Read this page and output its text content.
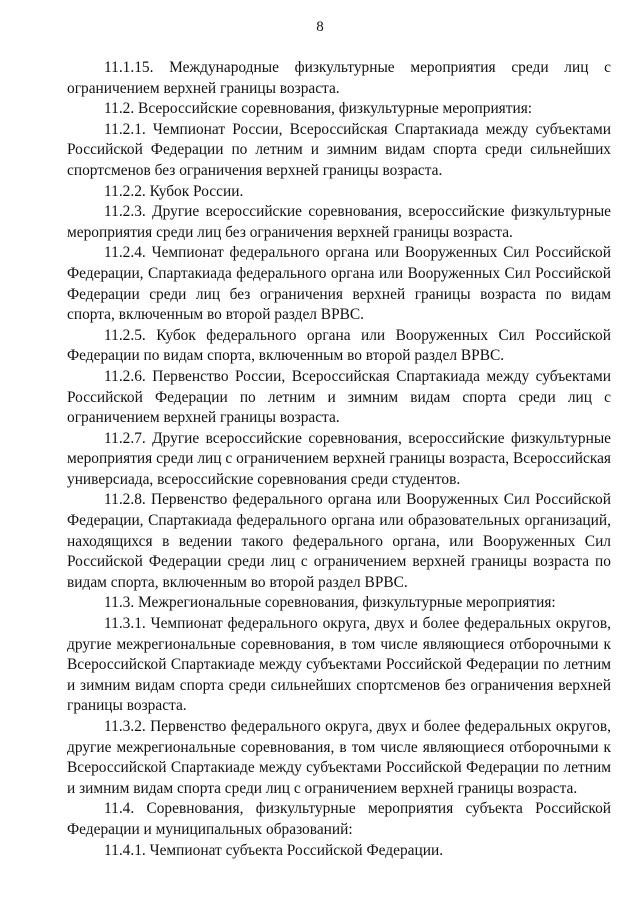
8

11.1.15. Международные физкультурные мероприятия среди лиц с ограничением верхней границы возраста.

11.2. Всероссийские соревнования, физкультурные мероприятия:

11.2.1. Чемпионат России, Всероссийская Спартакиада между субъектами Российской Федерации по летним и зимним видам спорта среди сильнейших спортсменов без ограничения верхней границы возраста.

11.2.2. Кубок России.

11.2.3. Другие всероссийские соревнования, всероссийские физкультурные мероприятия среди лиц без ограничения верхней границы возраста.

11.2.4. Чемпионат федерального органа или Вооруженных Сил Российской Федерации, Спартакиада федерального органа или Вооруженных Сил Российской Федерации среди лиц без ограничения верхней границы возраста по видам спорта, включенным во второй раздел ВРВС.

11.2.5. Кубок федерального органа или Вооруженных Сил Российской Федерации по видам спорта, включенным во второй раздел ВРВС.

11.2.6. Первенство России, Всероссийская Спартакиада между субъектами Российской Федерации по летним и зимним видам спорта среди лиц с ограничением верхней границы возраста.

11.2.7. Другие всероссийские соревнования, всероссийские физкультурные мероприятия среди лиц с ограничением верхней границы возраста, Всероссийская универсиада, всероссийские соревнования среди студентов.

11.2.8. Первенство федерального органа или Вооруженных Сил Российской Федерации, Спартакиада федерального органа или образовательных организаций, находящихся в ведении такого федерального органа, или Вооруженных Сил Российской Федерации среди лиц с ограничением верхней границы возраста по видам спорта, включенным во второй раздел ВРВС.

11.3. Межрегиональные соревнования, физкультурные мероприятия:

11.3.1. Чемпионат федерального округа, двух и более федеральных округов, другие межрегиональные соревнования, в том числе являющиеся отборочными к Всероссийской Спартакиаде между субъектами Российской Федерации по летним и зимним видам спорта среди сильнейших спортсменов без ограничения верхней границы возраста.

11.3.2. Первенство федерального округа, двух и более федеральных округов, другие межрегиональные соревнования, в том числе являющиеся отборочными к Всероссийской Спартакиаде между субъектами Российской Федерации по летним и зимним видам спорта среди лиц с ограничением верхней границы возраста.

11.4. Соревнования, физкультурные мероприятия субъекта Российской Федерации и муниципальных образований:

11.4.1. Чемпионат субъекта Российской Федерации.
